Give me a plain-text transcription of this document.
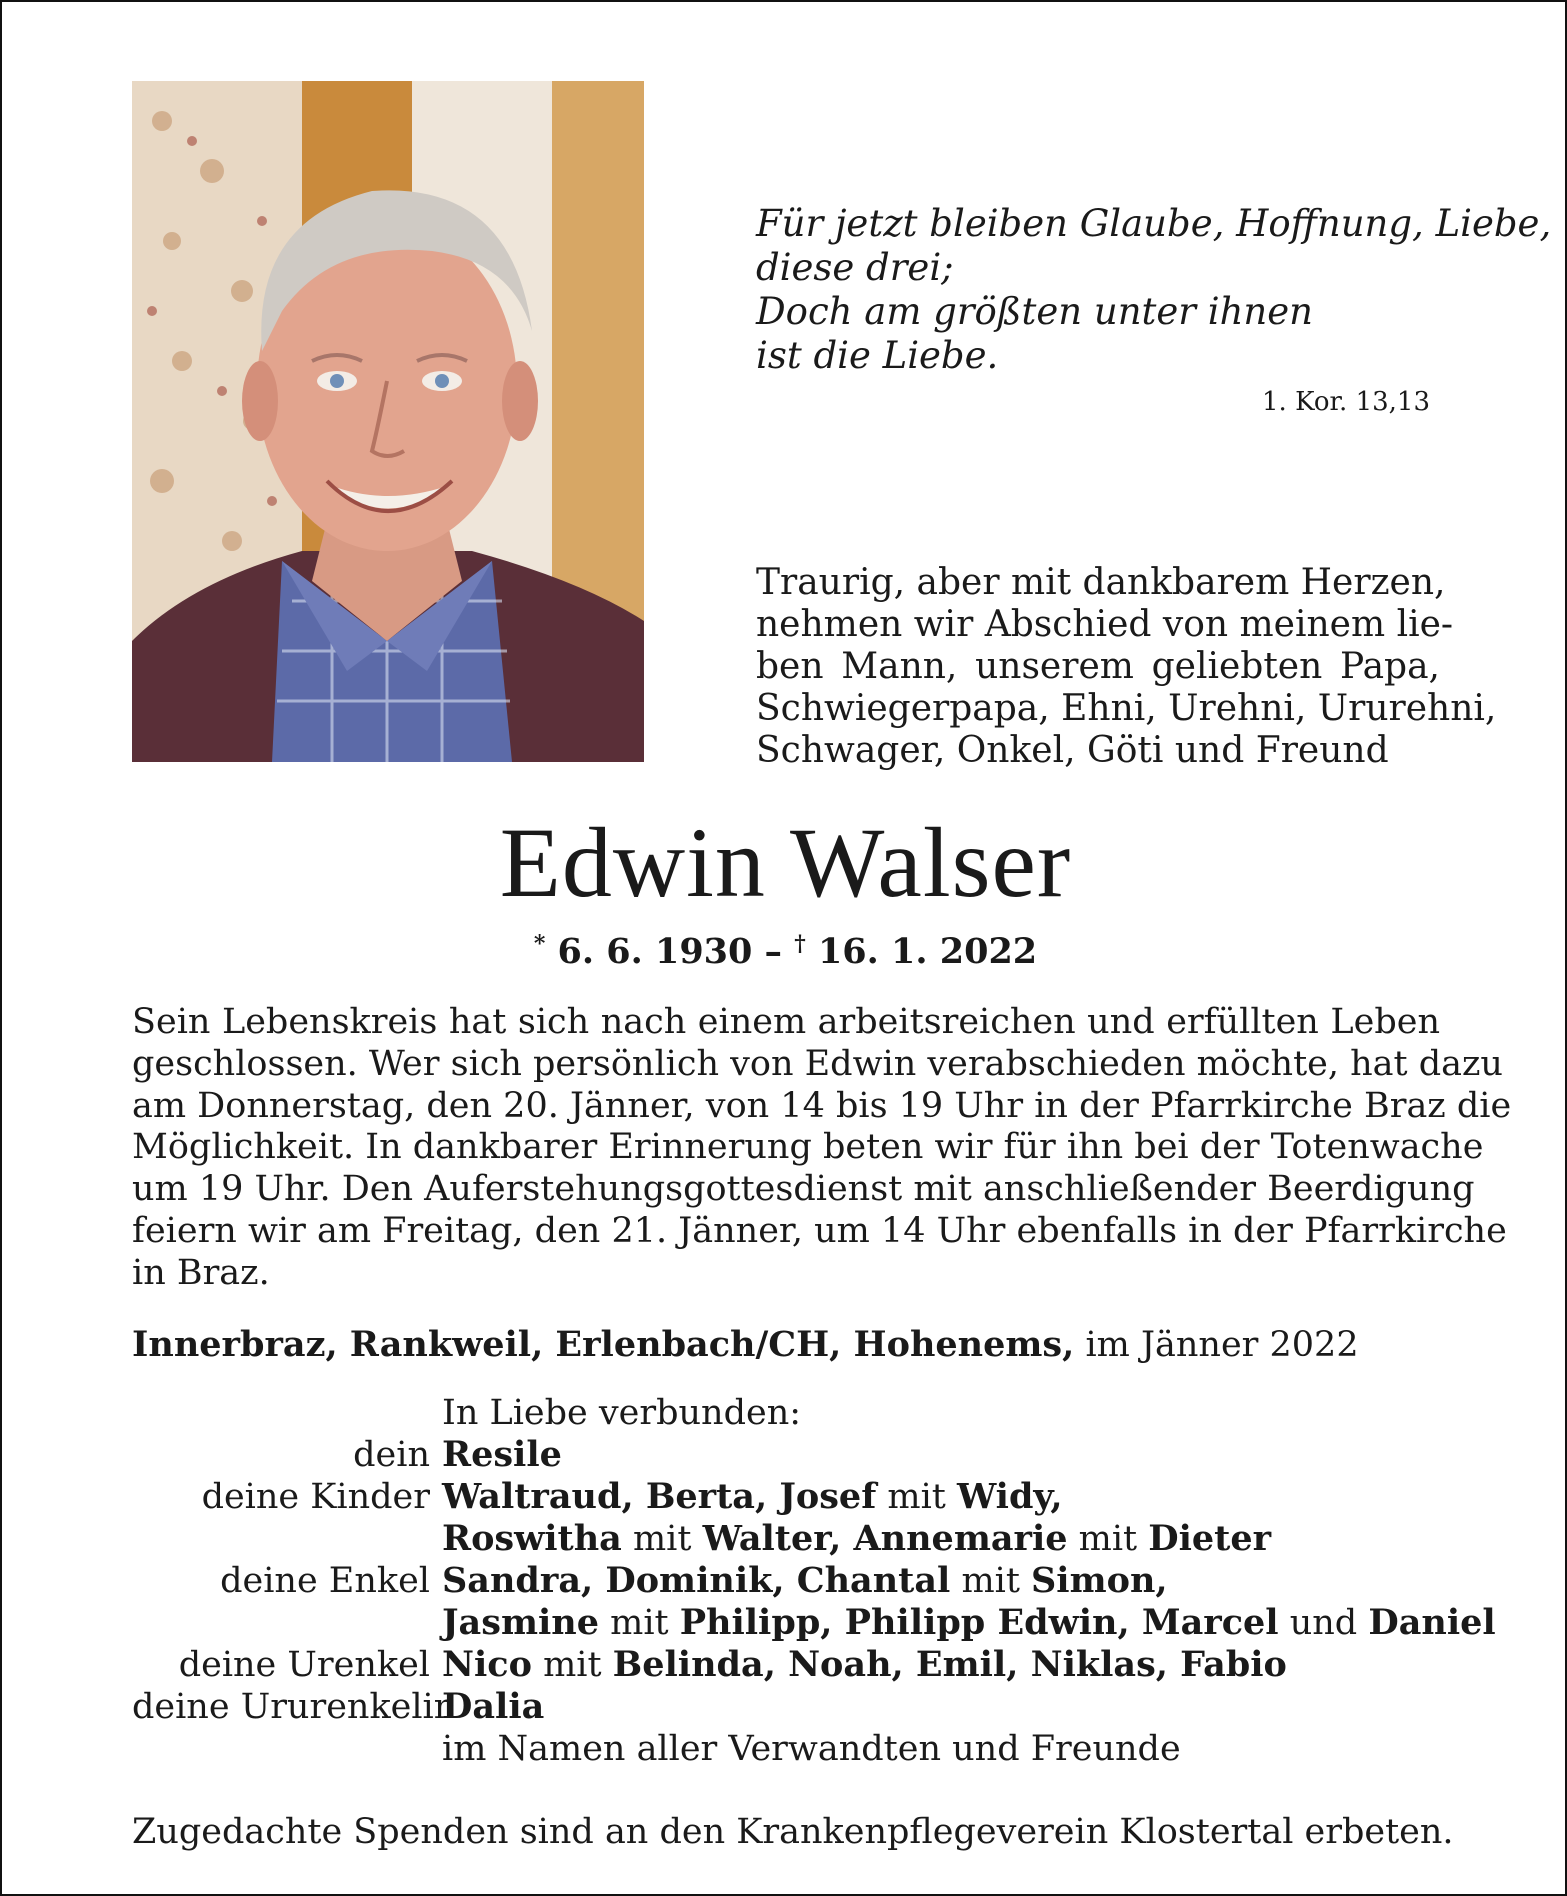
Für jetzt bleiben Glaube, Hoffnung, Liebe,
diese drei;
Doch am größten unter ihnen
ist die Liebe.
1. Kor. 13,13
Traurig, aber mit dankbarem Herzen,
nehmen wir Abschied von meinem lie-
ben Mann, unserem geliebten Papa,
Schwiegerpapa, Ehni, Urehni, Ururehni,
Schwager, Onkel, Göti und Freund
Edwin Walser
* 6. 6. 1930 – † 16. 1. 2022
Sein Lebenskreis hat sich nach einem arbeitsreichen und erfüllten Leben
geschlossen. Wer sich persönlich von Edwin verabschieden möchte, hat dazu
am Donnerstag, den 20. Jänner, von 14 bis 19 Uhr in der Pfarrkirche Braz die
Möglichkeit. In dankbarer Erinnerung beten wir für ihn bei der Totenwache
um 19 Uhr. Den Auferstehungsgottesdienst mit anschließender Beerdigung
feiern wir am Freitag, den 21. Jänner, um 14 Uhr ebenfalls in der Pfarrkirche
in Braz.
Innerbraz, Rankweil, Erlenbach/CH, Hohenems, im Jänner 2022
In Liebe verbunden:
dein Resile
deine Kinder Waltraud, Berta, Josef mit Widy,
Roswitha mit Walter, Annemarie mit Dieter
deine Enkel Sandra, Dominik, Chantal mit Simon,
Jasmine mit Philipp, Philipp Edwin, Marcel und Daniel
deine Urenkel Nico mit Belinda, Noah, Emil, Niklas, Fabio
deine Ururenkelin
Dalia
im Namen aller Verwandten und Freunde
Zugedachte Spenden sind an den Krankenpflegeverein Klostertal erbeten.
